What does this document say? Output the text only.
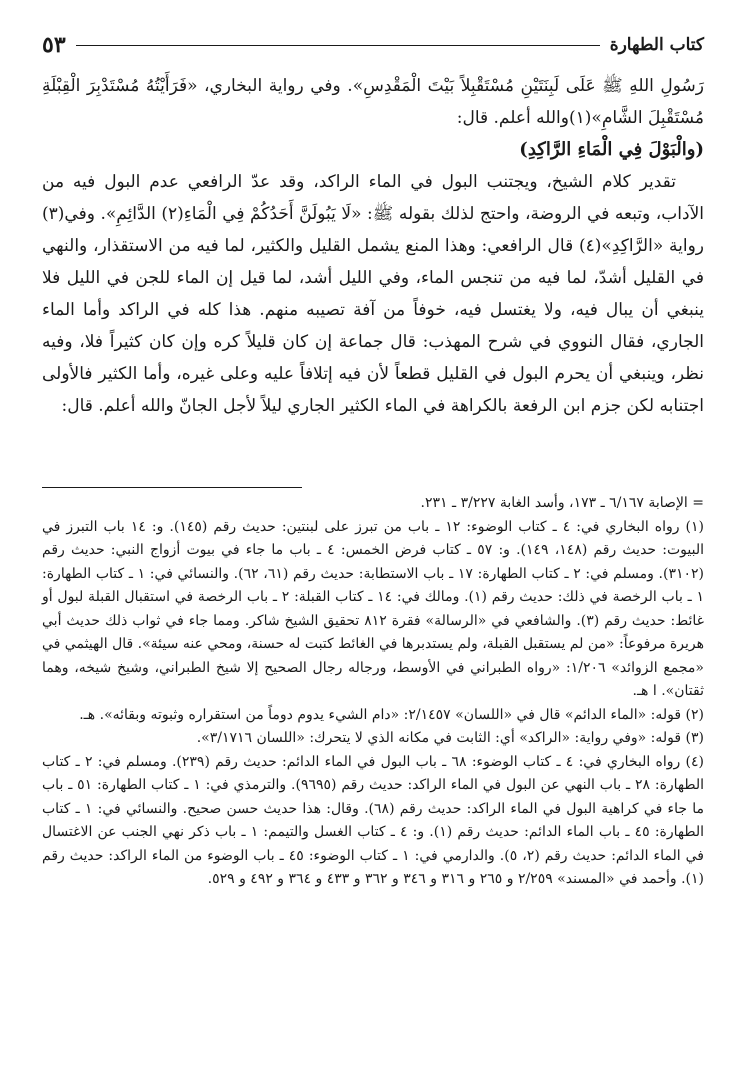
كتاب الطهارة
٥٣

رَسُولِ اللهِ ﷺ عَلَى لَبِنَتَيْنِ مُسْتَقْبِلاً بَيْتَ الْمَقْدِسِ». وفي رواية البخاري، «فَرَأَيْتُهُ مُسْتَدْبِرَ الْقِبْلَةِ مُسْتَقْبِلَ الشَّامِ»(١)والله أعلم. قال:

(والْبَوْلَ فِي الْمَاءِ الرَّاكِدِ)

تقدير كلام الشيخ، ويجتنب البول في الماء الراكد، وقد عدّ الرافعي عدم البول فيه من الآداب، وتبعه في الروضة، واحتج لذلك بقوله ﷺ: «لَا يَبُولَنَّ أَحَدُكُمْ فِي الْمَاءِ(٢) الدَّائِمِ». وفي(٣) رواية «الرَّاكِدِ»(٤) قال الرافعي: وهذا المنع يشمل القليل والكثير، لما فيه من الاستقذار، والنهي في القليل أشدّ، لما فيه من تنجس الماء، وفي الليل أشد، لما قيل إن الماء للجن في الليل فلا ينبغي أن يبال فيه، ولا يغتسل فيه، خوفاً من آفة تصيبه منهم. هذا كله في الراكد وأما الماء الجاري، فقال النووي في شرح المهذب: قال جماعة إن كان قليلاً كره وإن كان كثيراً فلا، وفيه نظر، وينبغي أن يحرم البول في القليل قطعاً لأن فيه إتلافاً عليه وعلى غيره، وأما الكثير فالأولى اجتنابه لكن جزم ابن الرفعة بالكراهة في الماء الكثير الجاري ليلاً لأجل الجانّ والله أعلم. قال:

= الإصابة ٦/١٦٧ ـ ١٧٣، وأسد الغابة ٣/٢٢٧ ـ ٢٣١.

(١) رواه البخاري في: ٤ ـ كتاب الوضوء: ١٢ ـ باب من تبرز على لبنتين: حديث رقم (١٤٥). و: ١٤ باب التبرز في البيوت: حديث رقم (١٤٨، ١٤٩). و: ٥٧ ـ كتاب فرض الخمس: ٤ ـ باب ما جاء في بيوت أزواج النبي: حديث رقم (٣١٠٢). ومسلم في: ٢ ـ كتاب الطهارة: ١٧ ـ باب الاستطابة: حديث رقم (٦١، ٦٢). والنسائي في: ١ ـ كتاب الطهارة: ١ ـ باب الرخصة في ذلك: حديث رقم (١). ومالك في: ١٤ ـ كتاب القبلة: ٢ ـ باب الرخصة في استقبال القبلة لبول أو غائط: حديث رقم (٣). والشافعي في «الرسالة» فقرة ٨١٢ تحقيق الشيخ شاكر. ومما جاء في ثواب ذلك حديث أبي هريرة مرفوعاً: «من لم يستقبل القبلة، ولم يستدبرها في الغائط كتبت له حسنة، ومحي عنه سيئة». قال الهيثمي في «مجمع الزوائد» ١/٢٠٦: «رواه الطبراني في الأوسط، ورجاله رجال الصحيح إلا شيخ الطبراني، وشيخ شيخه، وهما ثقتان». ا هـ.

(٢) قوله: «الماء الدائم» قال في «اللسان» ٢/١٤٥٧: «دام الشيء يدوم دوماً من استقراره وثبوته وبقائه». هـ.

(٣) قوله: «وفي رواية: «الراكد» أي: الثابت في مكانه الذي لا يتحرك: «اللسان ٣/١٧١٦».

(٤) رواه البخاري في: ٤ ـ كتاب الوضوء: ٦٨ ـ باب البول في الماء الدائم: حديث رقم (٢٣٩). ومسلم في: ٢ ـ كتاب الطهارة: ٢٨ ـ باب النهي عن البول في الماء الراكد: حديث رقم (٩٦٩٥). والترمذي في: ١ ـ كتاب الطهارة: ٥١ ـ باب ما جاء في كراهية البول في الماء الراكد: حديث رقم (٦٨). وقال: هذا حديث حسن صحيح. والنسائي في: ١ ـ كتاب الطهارة: ٤٥ ـ باب الماء الدائم: حديث رقم (١). و: ٤ ـ كتاب الغسل والتيمم: ١ ـ باب ذكر نهي الجنب عن الاغتسال في الماء الدائم: حديث رقم (٢، ٥). والدارمي في: ١ ـ كتاب الوضوء: ٤٥ ـ باب الوضوء من الماء الراكد: حديث رقم (١). وأحمد في «المسند» ٢/٢٥٩ و ٢٦٥ و ٣١٦ و ٣٤٦ و ٣٦٢ و ٤٣٣ و ٣٦٤ و ٤٩٢ و ٥٢٩.
